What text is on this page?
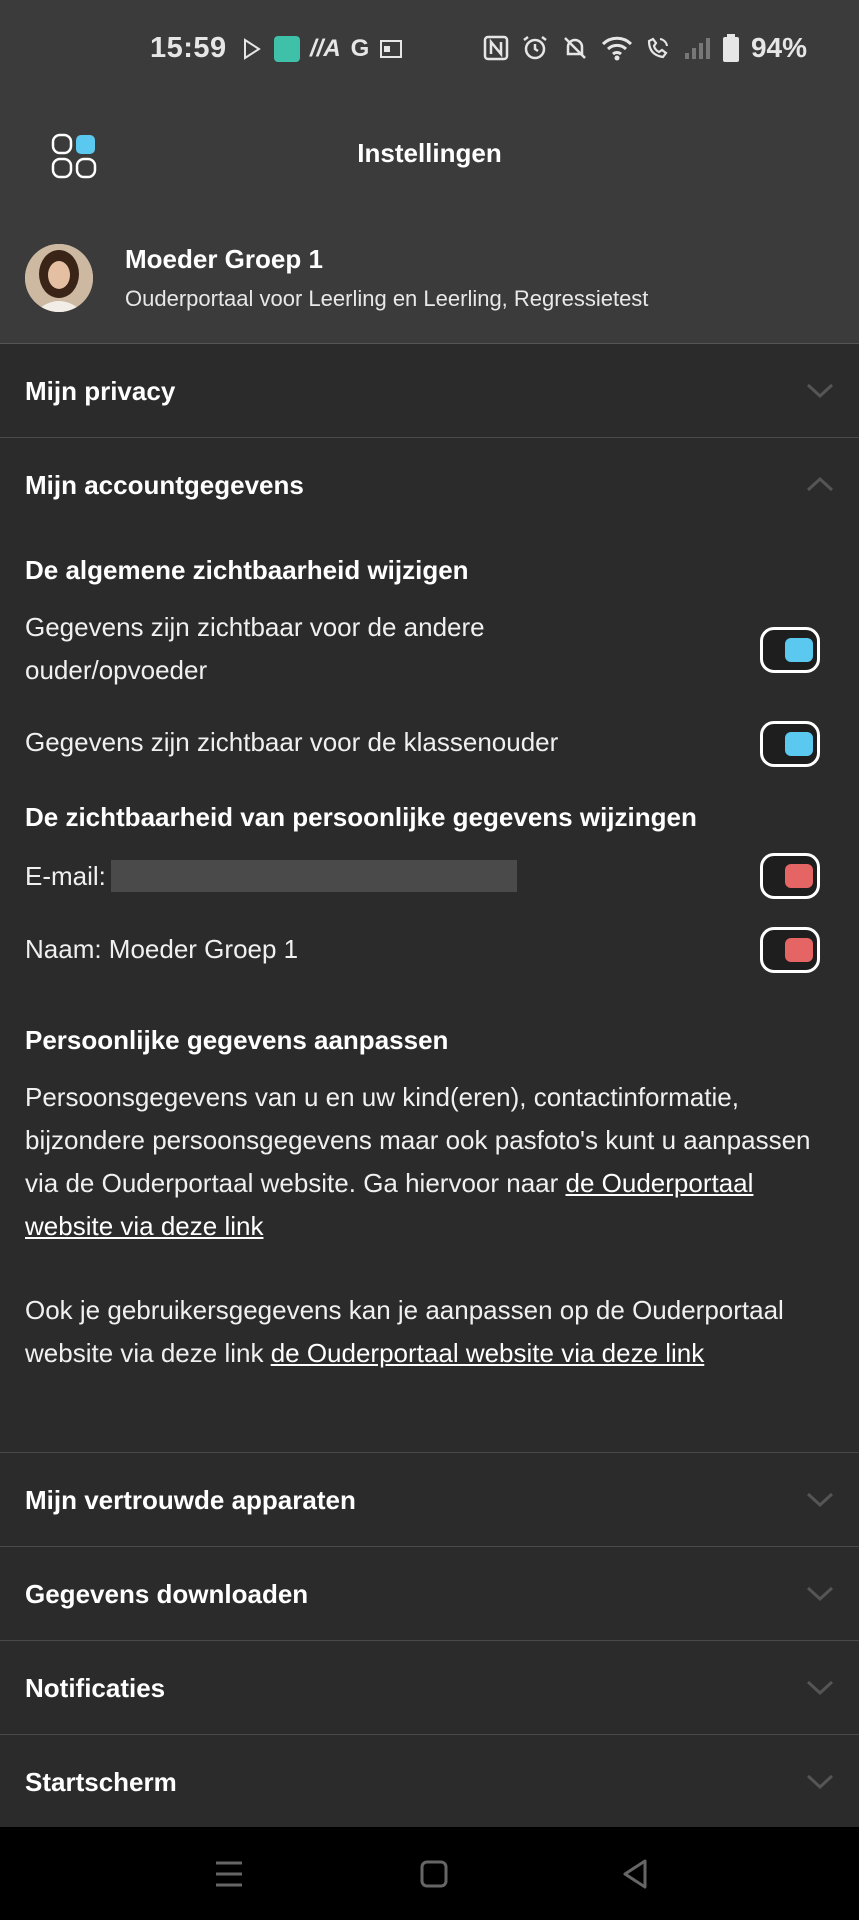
15:59	//A G	94%
Instellingen
Moeder Groep 1
Ouderportaal voor Leerling en Leerling, Regressietest
Mijn privacy
Mijn accountgegevens
De algemene zichtbaarheid wijzigen
Gegevens zijn zichtbaar voor de andere
ouder/opvoeder
Gegevens zijn zichtbaar voor de klassenouder
De zichtbaarheid van persoonlijke gegevens wijzingen
E-mail:
Naam: Moeder Groep 1
Persoonlijke gegevens aanpassen
Persoonsgegevens van u en uw kind(eren), contactinformatie, bijzondere persoonsgegevens maar ook pasfoto's kunt u aanpassen via de Ouderportaal website. Ga hiervoor naar de Ouderportaal website via deze link
Ook je gebruikersgegevens kan je aanpassen op de Ouderportaal website via deze link de Ouderportaal website via deze link
Mijn vertrouwde apparaten
Gegevens downloaden
Notificaties
Startscherm
